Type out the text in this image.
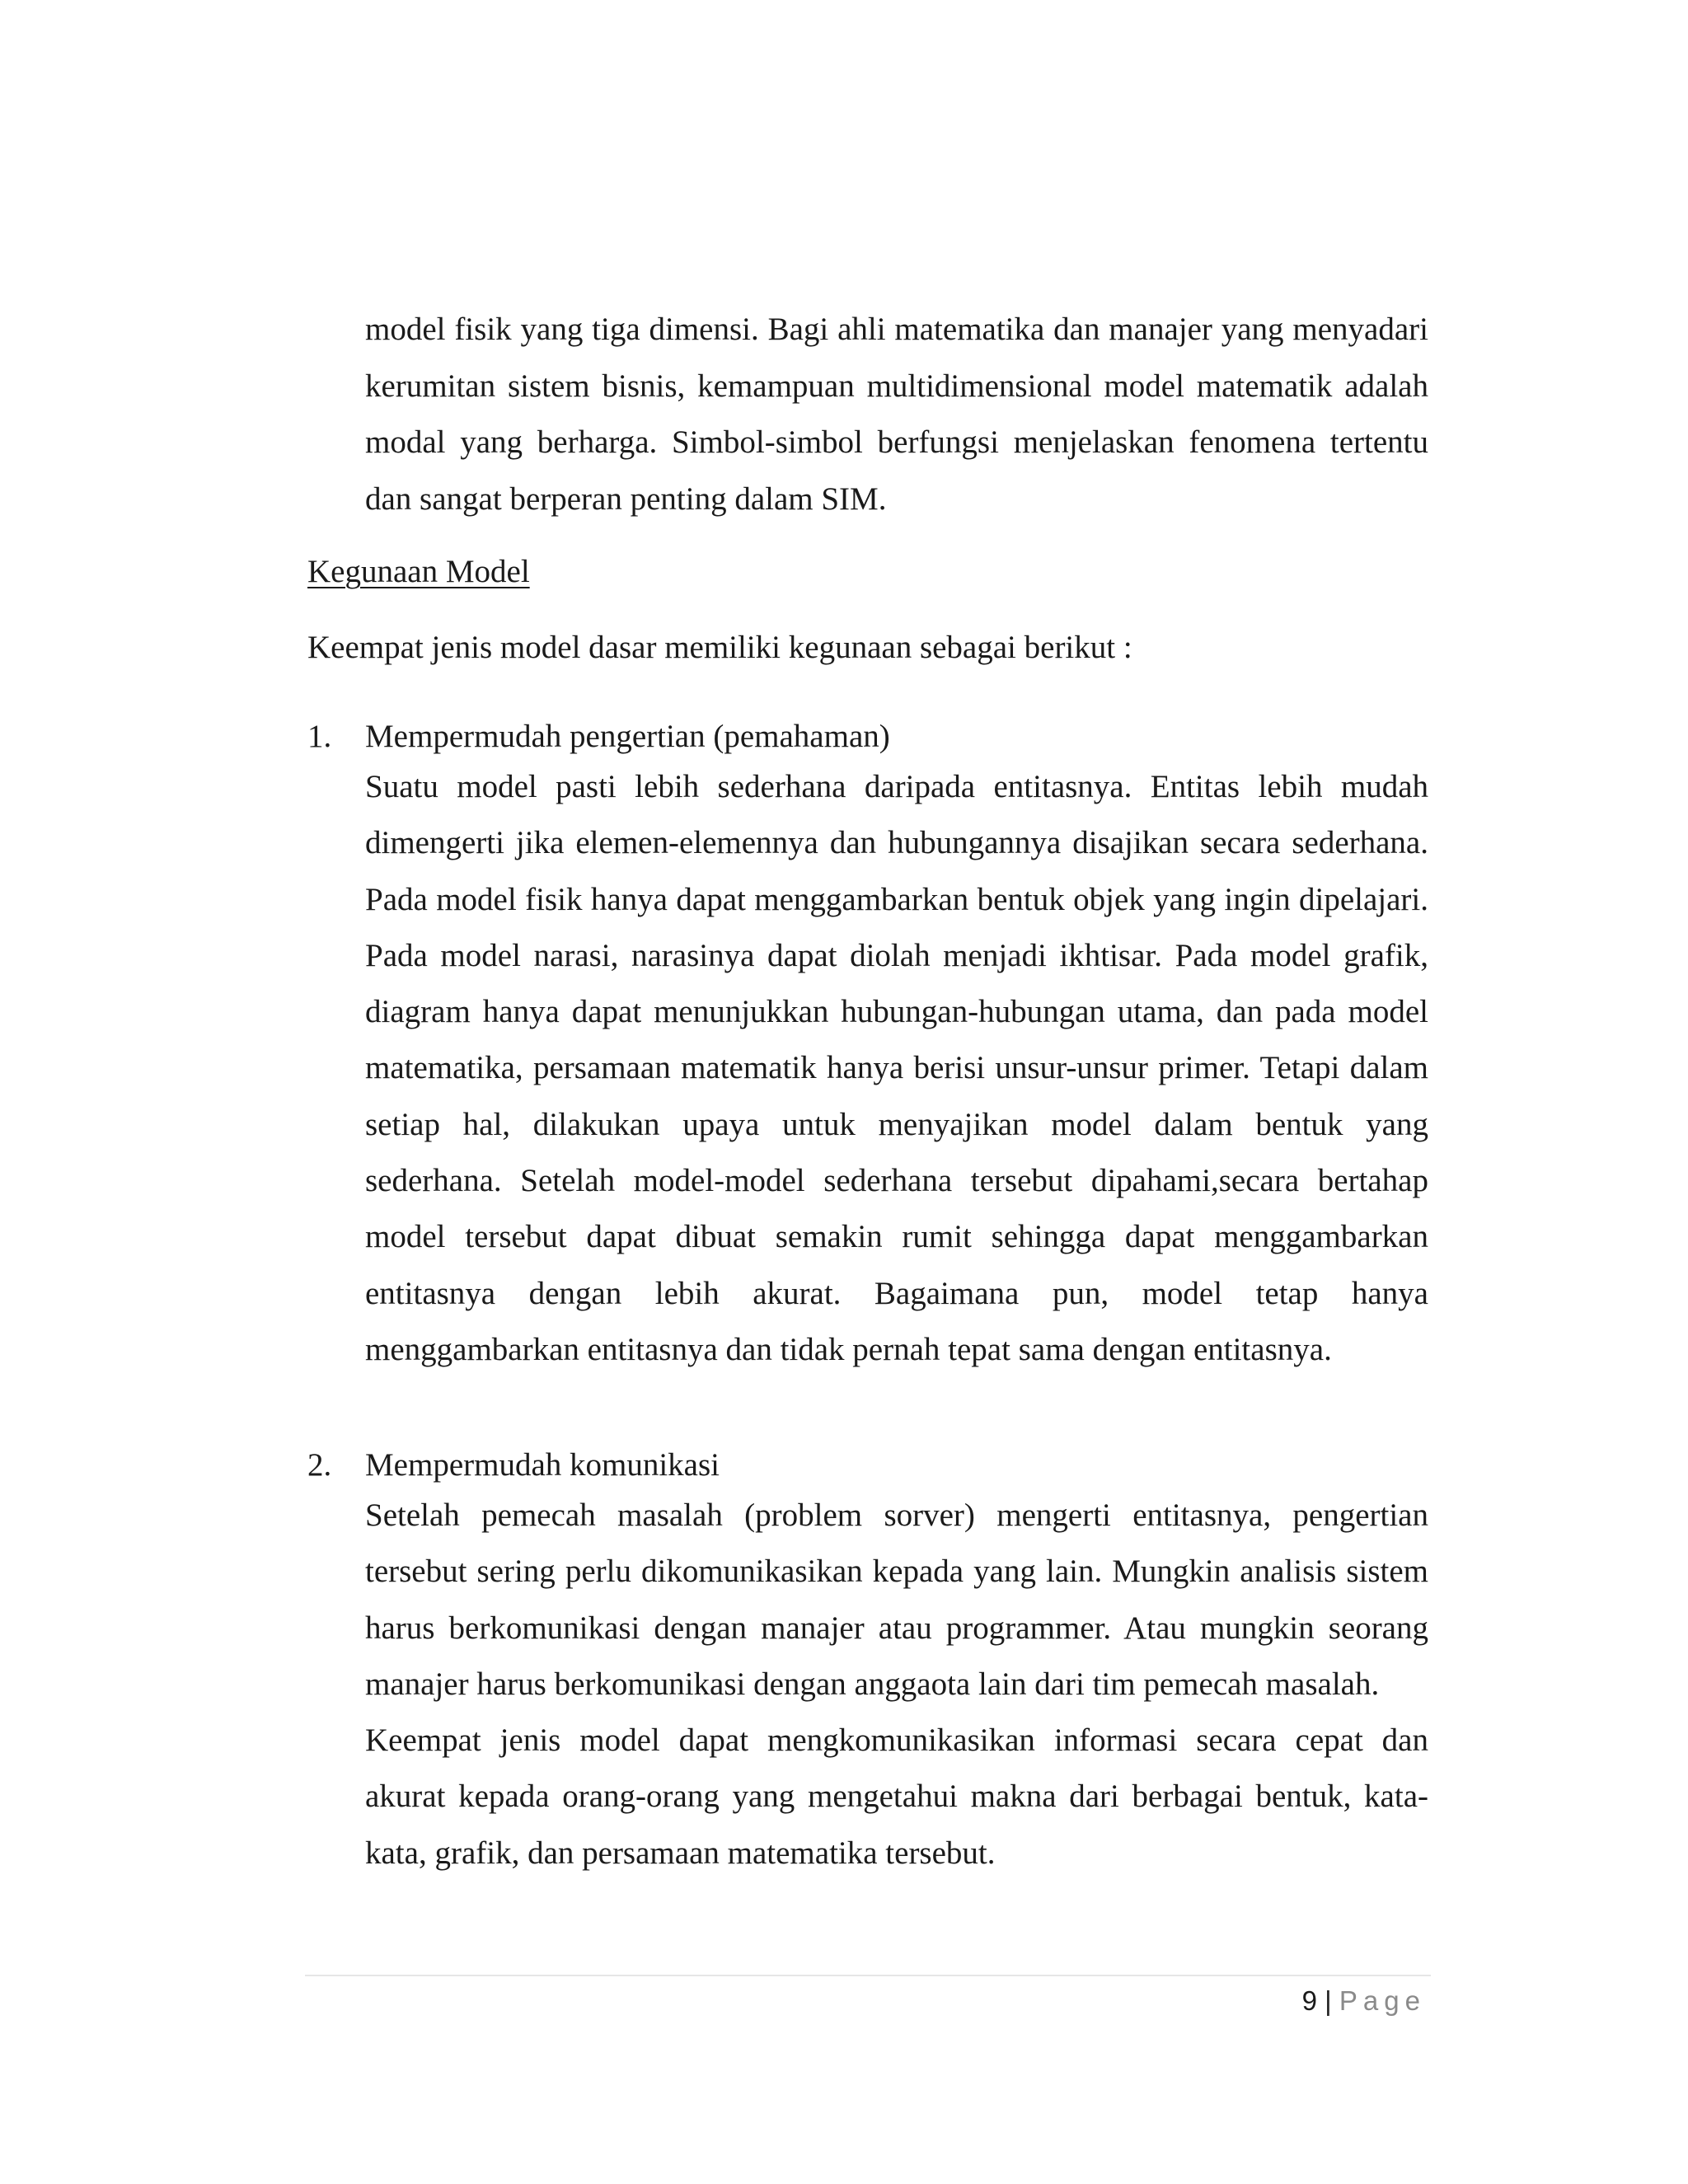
model fisik yang tiga dimensi. Bagi ahli matematika dan manajer yang menyadari kerumitan sistem bisnis, kemampuan multidimensional model matematik adalah modal yang berharga. Simbol-simbol berfungsi menjelaskan fenomena tertentu dan sangat berperan penting dalam SIM.

Kegunaan Model
Keempat jenis model dasar memiliki kegunaan sebagai berikut :
1. Mempermudah pengertian (pemahaman)

Suatu model pasti lebih sederhana daripada entitasnya. Entitas lebih mudah dimengerti jika elemen-elemennya dan hubungannya disajikan secara sederhana. Pada model fisik hanya dapat menggambarkan bentuk objek yang ingin dipelajari. Pada model narasi, narasinya dapat diolah menjadi ikhtisar. Pada model grafik, diagram hanya dapat menunjukkan hubungan-hubungan utama, dan pada model matematika, persamaan matematik hanya berisi unsur-unsur primer. Tetapi dalam setiap hal, dilakukan upaya untuk menyajikan model dalam bentuk yang sederhana. Setelah model-model sederhana tersebut dipahami,secara bertahap model tersebut dapat dibuat semakin rumit sehingga dapat menggambarkan entitasnya dengan lebih akurat. Bagaimana pun, model tetap hanya menggambarkan entitasnya dan tidak pernah tepat sama dengan entitasnya.

2. Mempermudah komunikasi

Setelah pemecah masalah (problem sorver) mengerti entitasnya, pengertian tersebut sering perlu dikomunikasikan kepada yang lain. Mungkin analisis sistem harus berkomunikasi dengan manajer atau programmer. Atau mungkin seorang manajer harus berkomunikasi dengan anggaota lain dari tim pemecah masalah.

Keempat jenis model dapat mengkomunikasikan informasi secara cepat dan akurat kepada orang-orang yang mengetahui makna dari berbagai bentuk, kata-kata, grafik, dan persamaan matematika tersebut.

9 | Page
